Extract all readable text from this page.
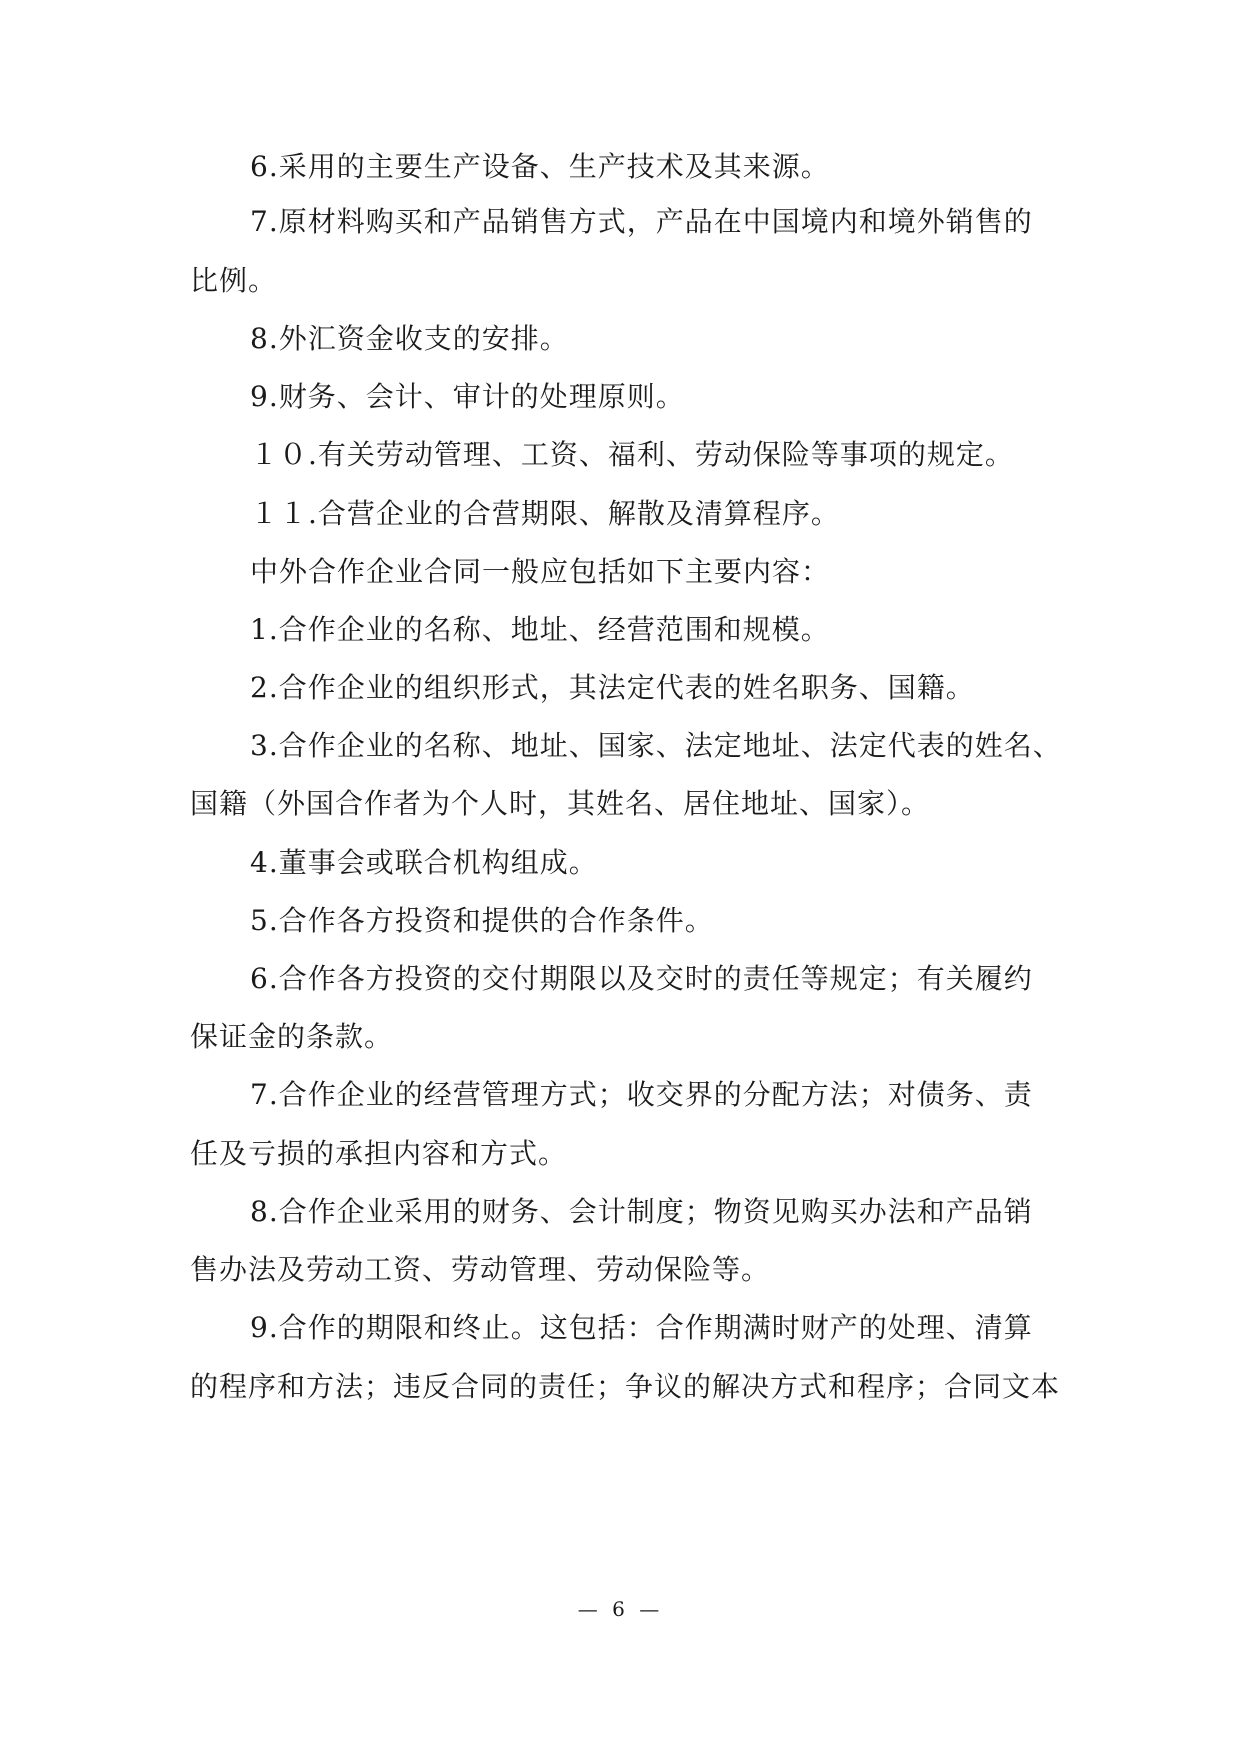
6.采用的主要生产设备、生产技术及其来源。
7.原材料购买和产品销售方式，产品在中国境内和境外销售的
比例。
8.外汇资金收支的安排。
9.财务、会计、审计的处理原则。
１０.有关劳动管理、工资、福利、劳动保险等事项的规定。
１１.合营企业的合营期限、解散及清算程序。
中外合作企业合同一般应包括如下主要内容：
1.合作企业的名称、地址、经营范围和规模。
2.合作企业的组织形式，其法定代表的姓名职务、国籍。
3.合作企业的名称、地址、国家、法定地址、法定代表的姓名、
国籍（外国合作者为个人时，其姓名、居住地址、国家）。
4.董事会或联合机构组成。
5.合作各方投资和提供的合作条件。
6.合作各方投资的交付期限以及交时的责任等规定；有关履约
保证金的条款。
7.合作企业的经营管理方式；收交界的分配方法；对债务、责
任及亏损的承担内容和方式。
8.合作企业采用的财务、会计制度；物资见购买办法和产品销
售办法及劳动工资、劳动管理、劳动保险等。
9.合作的期限和终止。这包括：合作期满时财产的处理、清算
的程序和方法；违反合同的责任；争议的解决方式和程序；合同文本
— 6 —
